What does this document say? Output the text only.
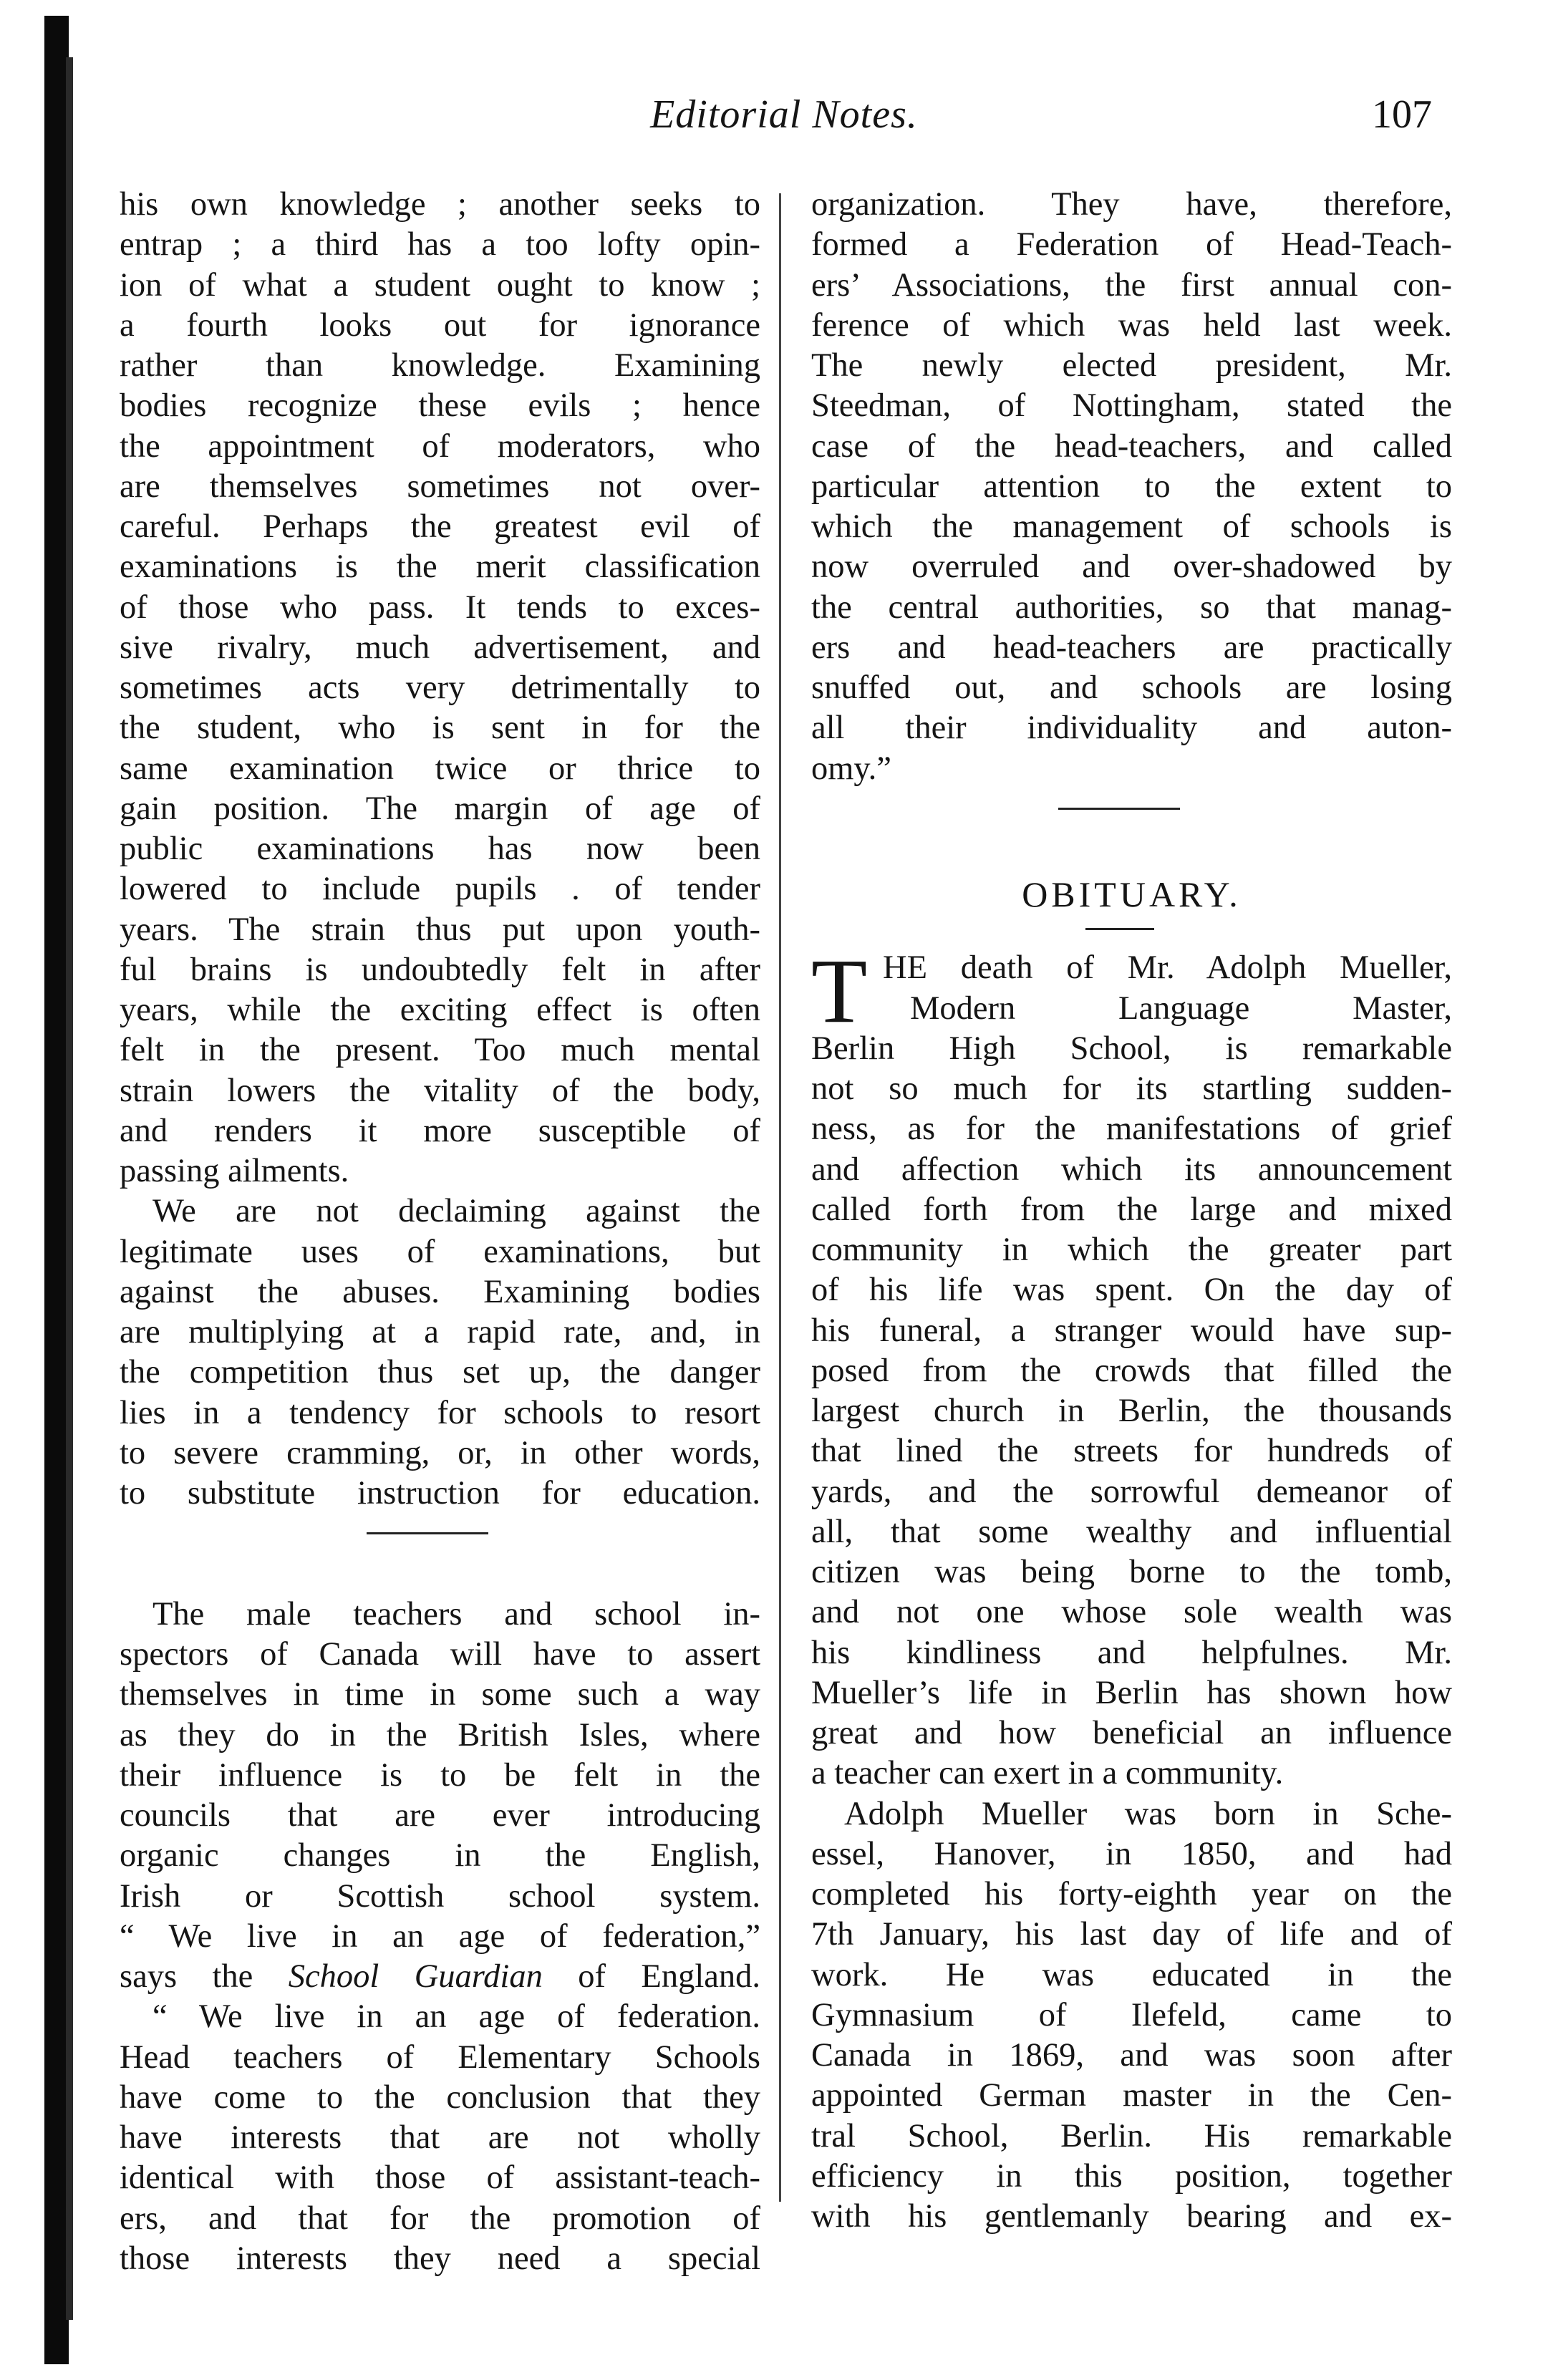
Editorial Notes.	107
his own knowledge ; another seeks to
entrap ; a third has a too lofty opin-
ion of what a student ought to know ;
a fourth looks out for ignorance
rather than knowledge. Examining
bodies recognize these evils ; hence
the appointment of moderators, who
are themselves sometimes not over-
careful. Perhaps the greatest evil of
examinations is the merit classification
of those who pass. It tends to exces-
sive rivalry, much advertisement, and
sometimes acts very detrimentally to
the student, who is sent in for the
same examination twice or thrice to
gain position. The margin of age of
public examinations has now been
lowered to include pupils . of tender
years. The strain thus put upon youth-
ful brains is undoubtedly felt in after
years, while the exciting effect is often
felt in the present. Too much mental
strain lowers the vitality of the body,
and renders it more susceptible of
passing ailments.
We are not declaiming against the
legitimate uses of examinations, but
against the abuses. Examining bodies
are multiplying at a rapid rate, and, in
the competition thus set up, the danger
lies in a tendency for schools to resort
to severe cramming, or, in other words,
to substitute instruction for education.
The male teachers and school in-
spectors of Canada will have to assert
themselves in time in some such a way
as they do in the British Isles, where
their influence is to be felt in the
councils that are ever introducing
organic changes in the English,
Irish or Scottish school system.
“ We live in an age of federation,”
says the School Guardian of England.
“ We live in an age of federation.
Head teachers of Elementary Schools
have come to the conclusion that they
have interests that are not wholly
identical with those of assistant-teach-
ers, and that for the promotion of
those interests they need a special
organization. They have, therefore,
formed a Federation of Head-Teach-
ers’ Associations, the first annual con-
ference of which was held last week.
The newly elected president, Mr.
Steedman, of Nottingham, stated the
case of the head-teachers, and called
particular attention to the extent to
which the management of schools is
now overruled and over-shadowed by
the central authorities, so that manag-
ers and head-teachers are practically
snuffed out, and schools are losing
all their individuality and auton-
omy.”
OBITUARY.
T HE death of Mr. Adolph Mueller,
Modern Language Master,
Berlin High School, is remarkable
not so much for its startling sudden-
ness, as for the manifestations of grief
and affection which its announcement
called forth from the large and mixed
community in which the greater part
of his life was spent. On the day of
his funeral, a stranger would have sup-
posed from the crowds that filled the
largest church in Berlin, the thousands
that lined the streets for hundreds of
yards, and the sorrowful demeanor of
all, that some wealthy and influential
citizen was being borne to the tomb,
and not one whose sole wealth was
his kindliness and helpfulnes. Mr.
Mueller’s life in Berlin has shown how
great and how beneficial an influence
a teacher can exert in a community.
Adolph Mueller was born in Sche-
essel, Hanover, in 1850, and had
completed his forty-eighth year on the
7th January, his last day of life and of
work. He was educated in the
Gymnasium of Ilefeld, came to
Canada in 1869, and was soon after
appointed German master in the Cen-
tral School, Berlin. His remarkable
efficiency in this position, together
with his gentlemanly bearing and ex-
